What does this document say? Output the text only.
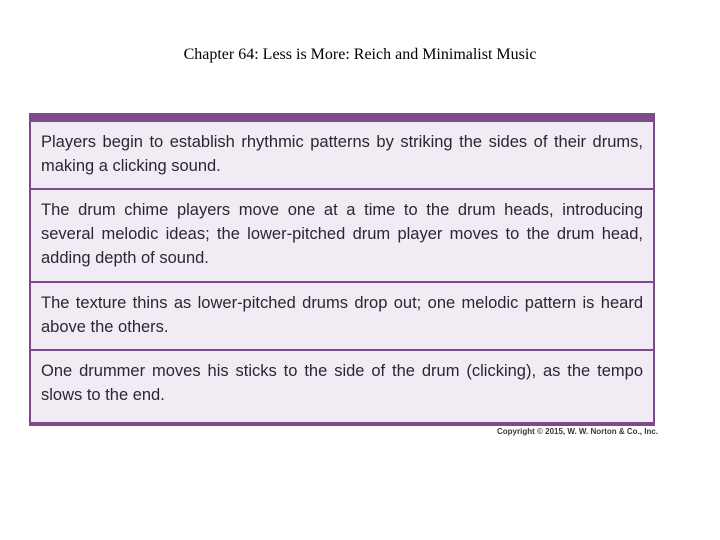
Chapter 64: Less is More: Reich and Minimalist Music
Players begin to establish rhythmic patterns by striking the sides of their drums, making a clicking sound.
The drum chime players move one at a time to the drum heads, introducing several melodic ideas; the lower-pitched drum player moves to the drum head, adding depth of sound.
The texture thins as lower-pitched drums drop out; one melodic pattern is heard above the others.
One drummer moves his sticks to the side of the drum (clicking), as the tempo slows to the end.
Copyright © 2015, W. W. Norton & Co., Inc.
